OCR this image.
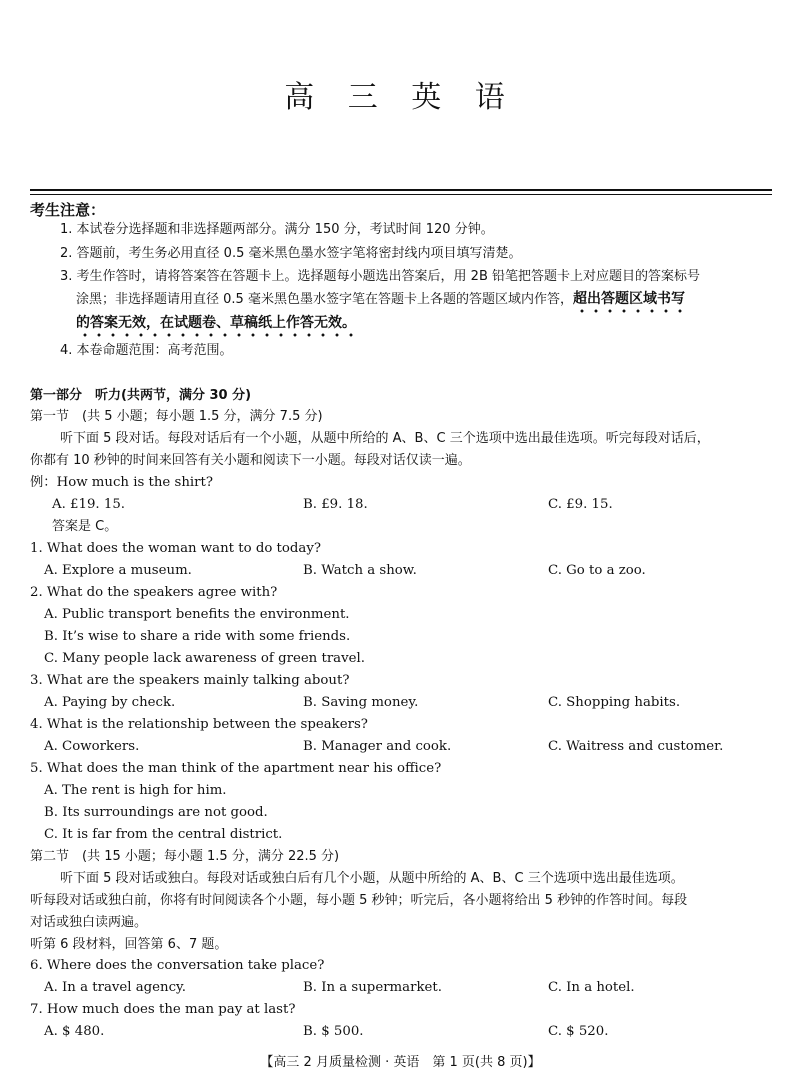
高 三 英 语
考生注意：
1. 本试卷分选择题和非选择题两部分。满分 150 分，考试时间 120 分钟。
2. 答题前，考生务必用直径 0.5 毫米黑色墨水签字笔将密封线内项目填写清楚。
3. 考生作答时，请将答案答在答题卡上。选择题每小题选出答案后，用 2B 铅笔把答题卡上对应题目的答案标号
涂黑；非选择题请用直径 0.5 毫米黑色墨水签字笔在答题卡上各题的答题区域内作答，超出答题区域书写
的答案无效，在试题卷、草稿纸上作答无效。
4. 本卷命题范围：高考范围。
第一部分　听力(共两节，满分 30 分)
第一节　(共 5 小题；每小题 1.5 分，满分 7.5 分)
听下面 5 段对话。每段对话后有一个小题，从题中所给的 A、B、C 三个选项中选出最佳选项。听完每段对话后，
你都有 10 秒钟的时间来回答有关小题和阅读下一小题。每段对话仅读一遍。
例：How much is the shirt?
A. £19. 15.	B. £9. 18.	C. £9. 15.
答案是 C。
1. What does the woman want to do today?
A. Explore a museum.	B. Watch a show.	C. Go to a zoo.
2. What do the speakers agree with?
A. Public transport benefits the environment.
B. It’s wise to share a ride with some friends.
C. Many people lack awareness of green travel.
3. What are the speakers mainly talking about?
A. Paying by check.	B. Saving money.	C. Shopping habits.
4. What is the relationship between the speakers?
A. Coworkers.	B. Manager and cook.	C. Waitress and customer.
5. What does the man think of the apartment near his office?
A. The rent is high for him.
B. Its surroundings are not good.
C. It is far from the central district.
第二节　(共 15 小题；每小题 1.5 分，满分 22.5 分)
听下面 5 段对话或独白。每段对话或独白后有几个小题，从题中所给的 A、B、C 三个选项中选出最佳选项。
听每段对话或独白前，你将有时间阅读各个小题，每小题 5 秒钟；听完后，各小题将给出 5 秒钟的作答时间。每段
对话或独白读两遍。
听第 6 段材料，回答第 6、7 题。
6. Where does the conversation take place?
A. In a travel agency.	B. In a supermarket.	C. In a hotel.
7. How much does the man pay at last?
A. $ 480.	B. $ 500.	C. $ 520.
【高三 2 月质量检测 · 英语　第 1 页(共 8 页)】
